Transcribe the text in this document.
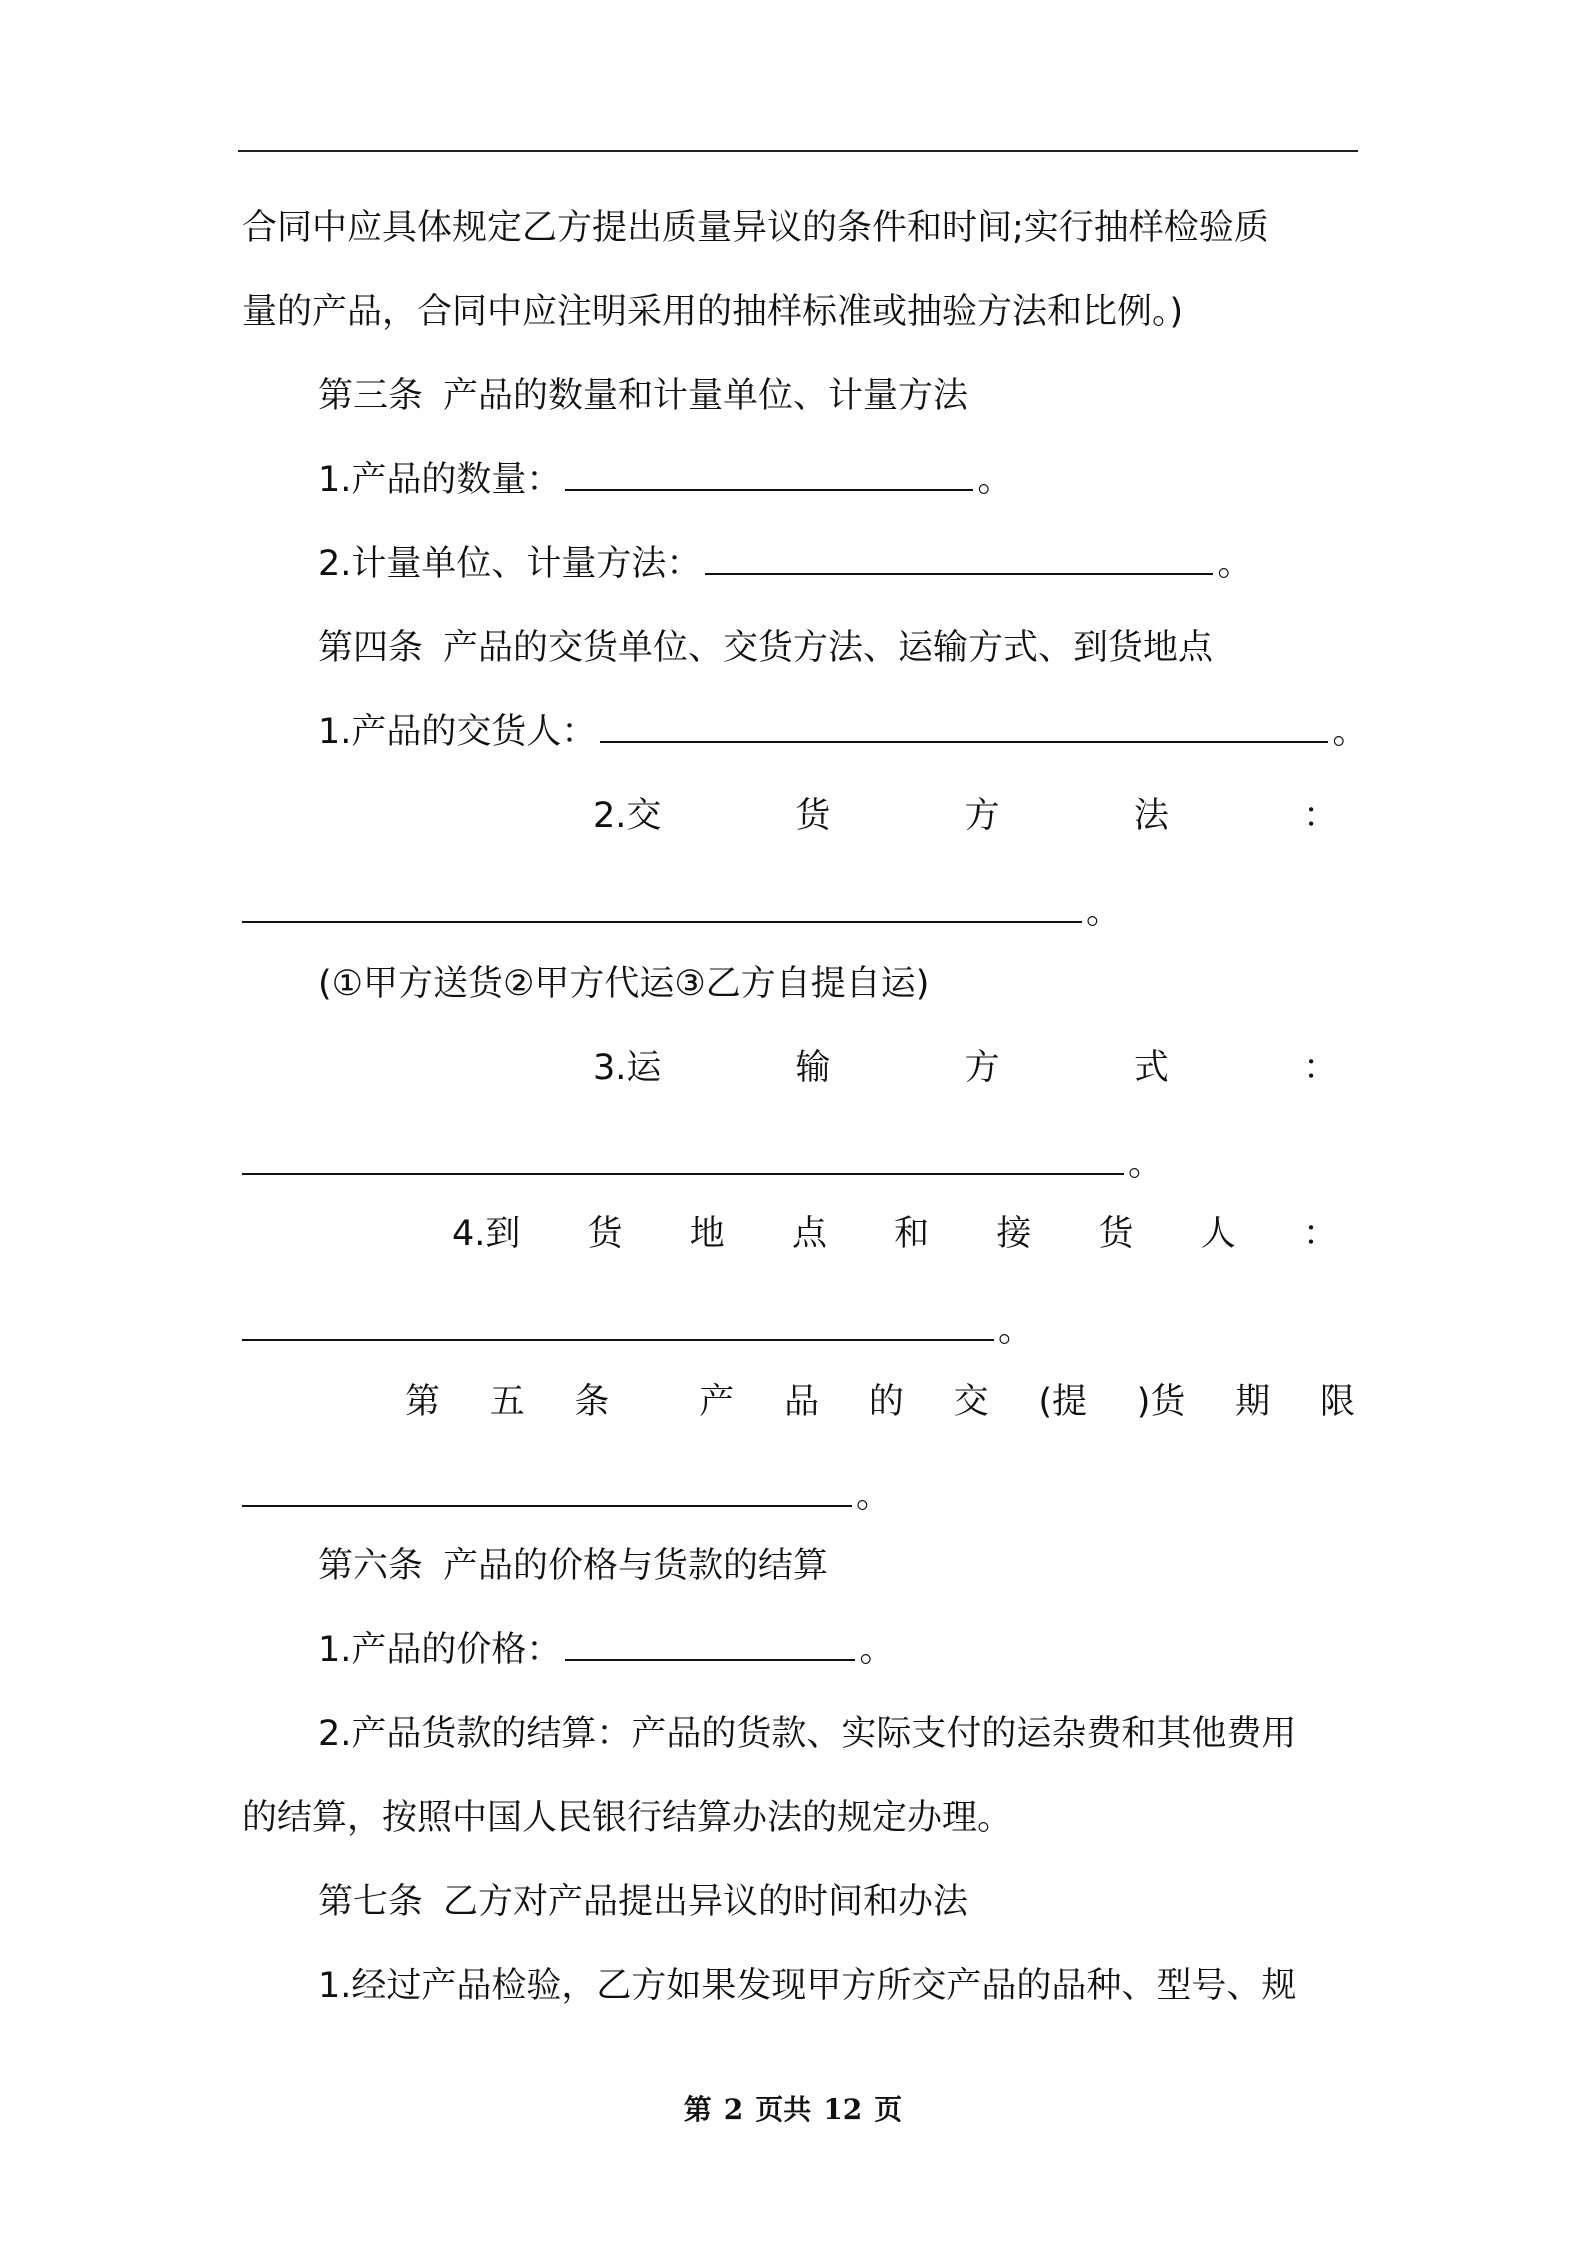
合同中应具体规定乙方提出质量异议的条件和时间;实行抽样检验质
量的产品，合同中应注明采用的抽样标准或抽验方法和比例。)
第三条 产品的数量和计量单位、计量方法
1.产品的数量：	。
2.计量单位、计量方法：	。
第四条 产品的交货单位、交货方法、运输方式、到货地点
1.产品的交货人：	。
2.交	货	方	法	：
。
(①甲方送货②甲方代运③乙方自提自运)
3.运	输	方	式	：
。
4.到 货 地 点 和 接 货 人 ：
。
第 五 条	产 品 的 交 (提 )货 期 限
。
第六条 产品的价格与货款的结算
1.产品的价格：	。
2.产品货款的结算：产品的货款、实际支付的运杂费和其他费用
的结算，按照中国人民银行结算办法的规定办理。
第七条 乙方对产品提出异议的时间和办法
1.经过产品检验，乙方如果发现甲方所交产品的品种、型号、规
第 2 页共 12 页
